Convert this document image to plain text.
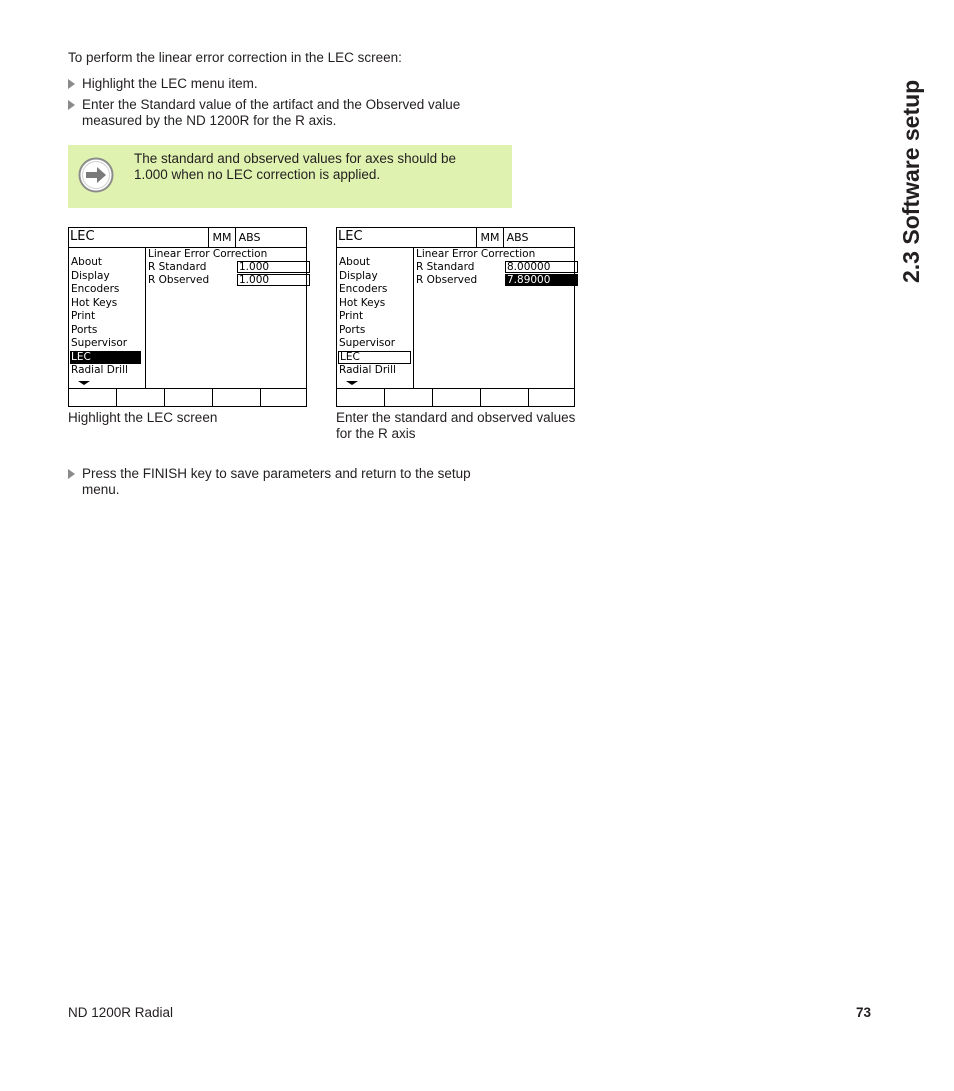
To perform the linear error correction in the LEC screen:
Highlight the LEC menu item.
Enter the Standard value of the artifact and the Observed value
measured by the ND 1200R for the R axis.
The standard and observed values for axes should be
1.000 when no LEC correction is applied.
LEC	MM ABS
About
Display
Encoders
Hot Keys
Print
Ports
Supervisor
LEC
Radial Drill
Linear Error Correction
R Standard	1.000
R Observed	1.000
LEC	MM ABS
About
Display
Encoders
Hot Keys
Print
Ports
Supervisor
LEC
Radial Drill
Linear Error Correction
R Standard	8.00000
R Observed	7.89000
Highlight the LEC screen	Enter the standard and observed values
for the R axis
Press the FINISH key to save parameters and return to the setup
menu.
2.3 Software setup
ND 1200R Radial	73
